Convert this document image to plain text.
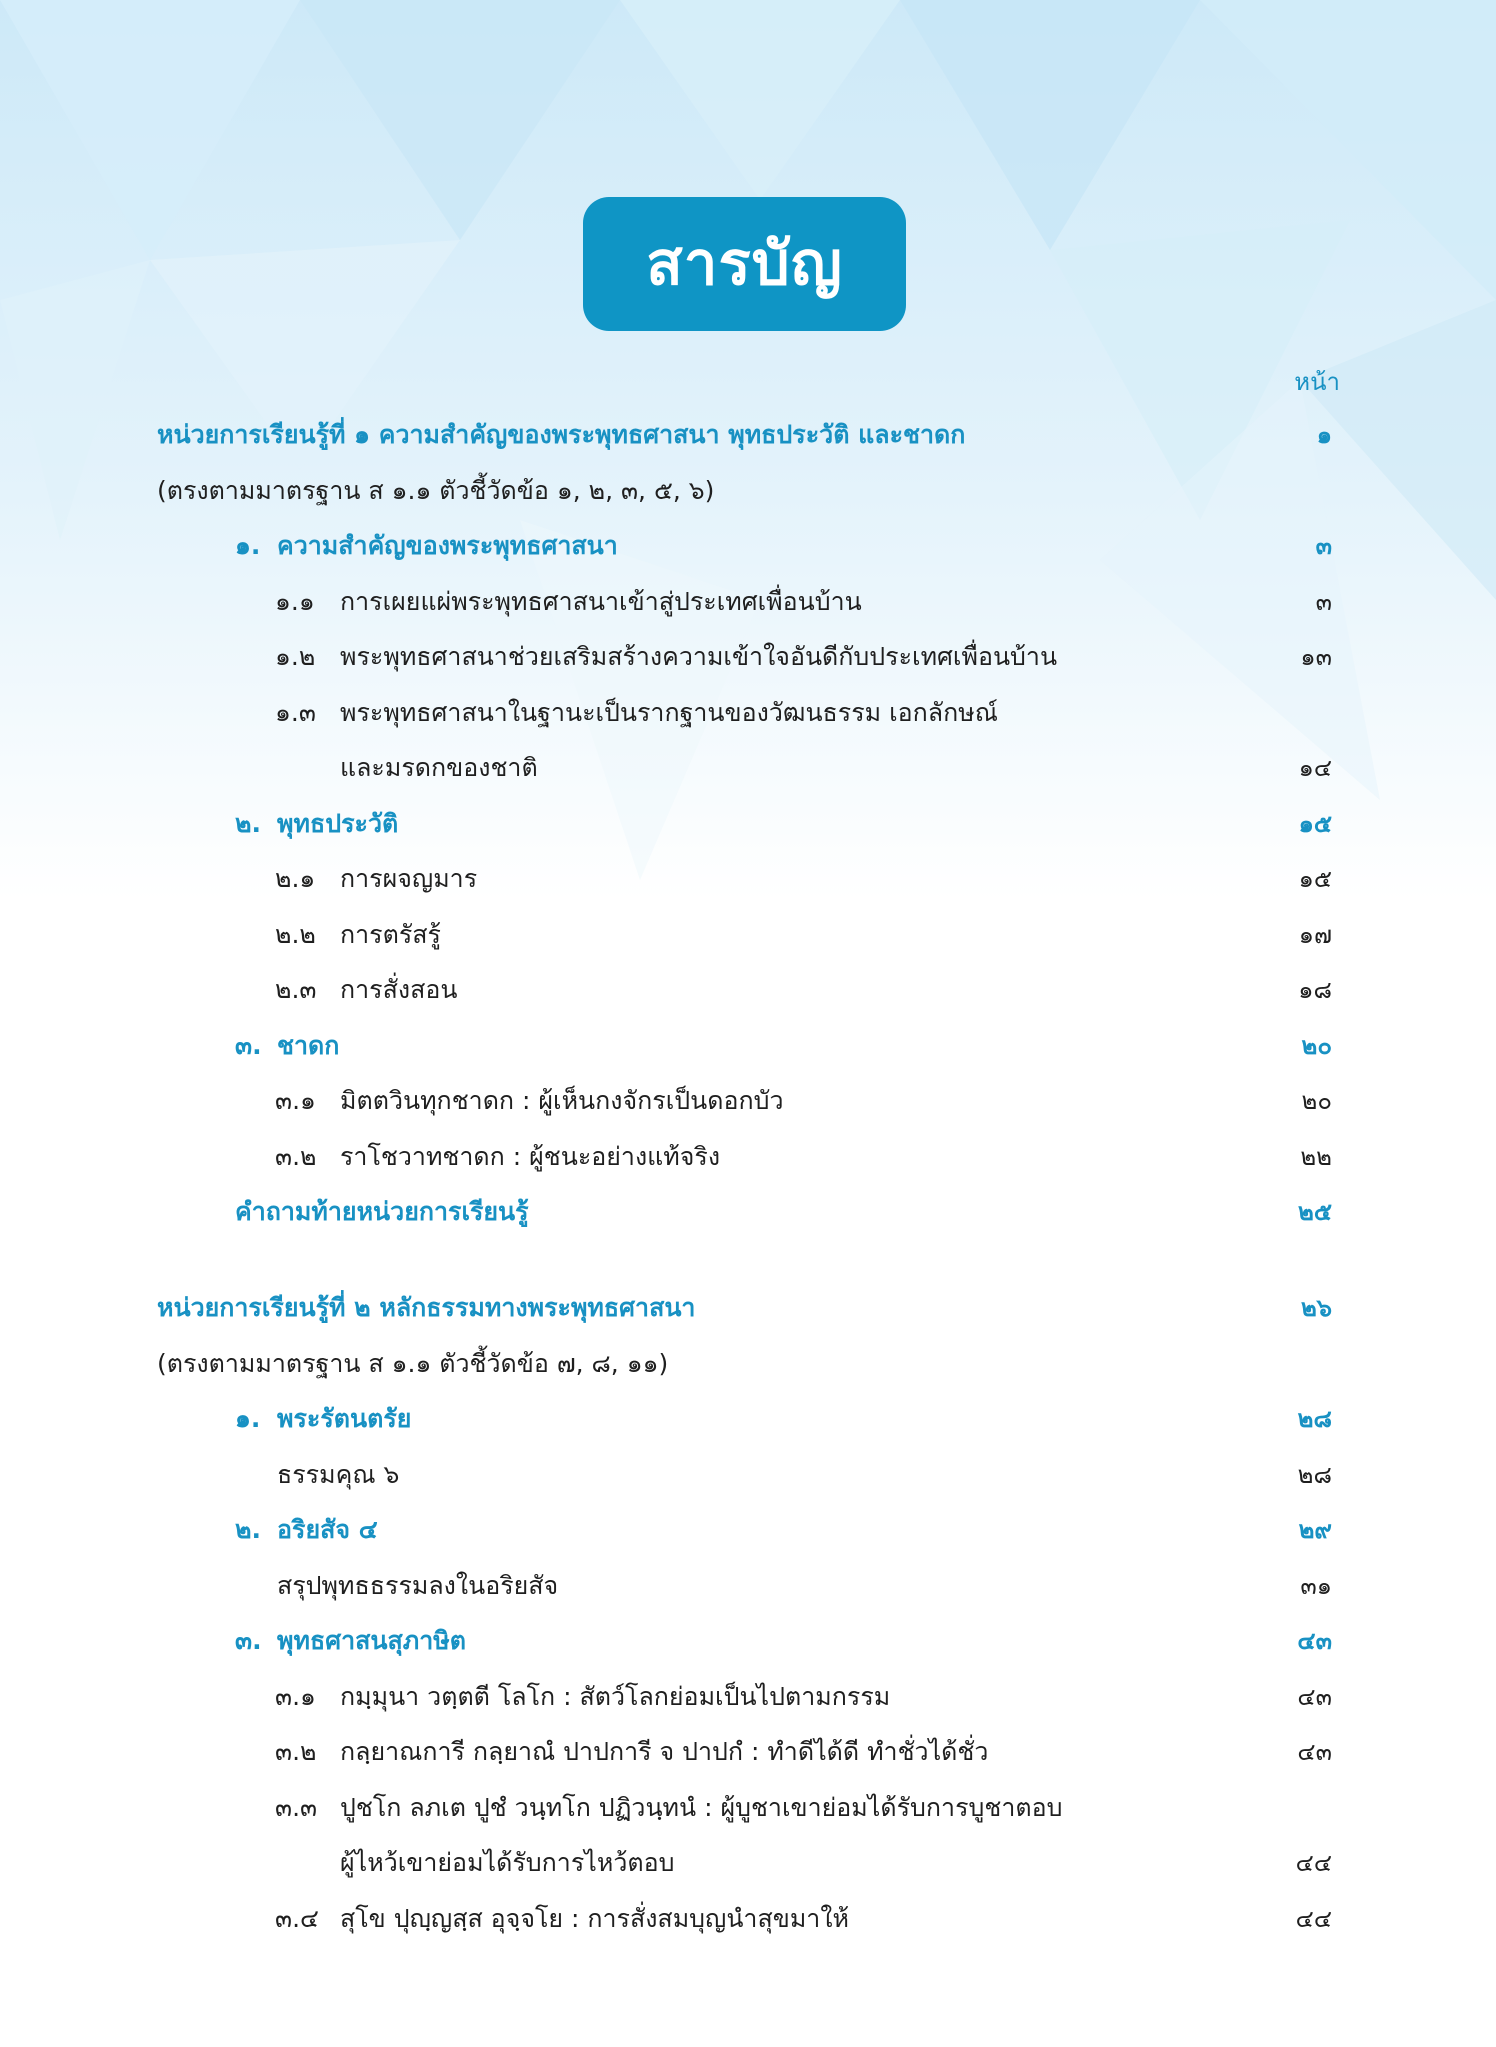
สารบัญ
หน้า
หน่วยการเรียนรู้ที่ ๑ ความสำคัญของพระพุทธศาสนา พุทธประวัติ และชาดก	๑
(ตรงตามมาตรฐาน ส ๑.๑ ตัวชี้วัดข้อ ๑, ๒, ๓, ๕, ๖)
๑. ความสำคัญของพระพุทธศาสนา	๓
๑.๑ การเผยแผ่พระพุทธศาสนาเข้าสู่ประเทศเพื่อนบ้าน	๓
๑.๒ พระพุทธศาสนาช่วยเสริมสร้างความเข้าใจอันดีกับประเทศเพื่อนบ้าน	๑๓
๑.๓ พระพุทธศาสนาในฐานะเป็นรากฐานของวัฒนธรรม เอกลักษณ์
และมรดกของชาติ	๑๔
๒. พุทธประวัติ	๑๕
๒.๑ การผจญมาร	๑๕
๒.๒ การตรัสรู้	๑๗
๒.๓ การสั่งสอน	๑๘
๓. ชาดก	๒๐
๓.๑ มิตตวินทุกชาดก : ผู้เห็นกงจักรเป็นดอกบัว	๒๐
๓.๒ ราโชวาทชาดก : ผู้ชนะอย่างแท้จริง	๒๒
คำถามท้ายหน่วยการเรียนรู้	๒๕
หน่วยการเรียนรู้ที่ ๒ หลักธรรมทางพระพุทธศาสนา	๒๖
(ตรงตามมาตรฐาน ส ๑.๑ ตัวชี้วัดข้อ ๗, ๘, ๑๑)
๑. พระรัตนตรัย	๒๘
ธรรมคุณ ๖	๒๘
๒. อริยสัจ ๔	๒๙
สรุปพุทธธรรมลงในอริยสัจ	๓๑
๓. พุทธศาสนสุภาษิต	๔๓
๓.๑ กมฺมุนา วตฺตตี โลโก : สัตว์โลกย่อมเป็นไปตามกรรม	๔๓
๓.๒ กลฺยาณการี กลฺยาณํ ปาปการี จ ปาปกํ : ทำดีได้ดี ทำชั่วได้ชั่ว	๔๓
๓.๓ ปูชโก ลภเต ปูชํ วนฺทโก ปฏิวนฺทนํ : ผู้บูชาเขาย่อมได้รับการบูชาตอบ
ผู้ไหว้เขาย่อมได้รับการไหว้ตอบ	๔๔
๓.๔ สุโข ปุญฺญสฺส อุจฺจโย : การสั่งสมบุญนำสุขมาให้	๔๔
